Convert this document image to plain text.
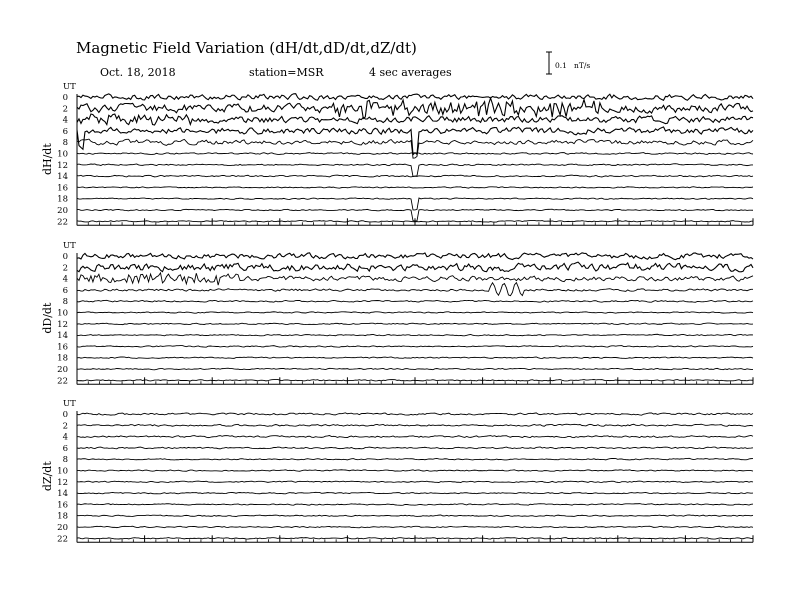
Magnetic Field Variation (dH/dt,dD/dt,dZ/dt)
Oct. 18, 2018	station=MSR	4 sec averages
0.1 nT/s
UT
dH/dt
0
2
4
6
8
10
12
14
16
18
20
22
UT
dD/dt
0
2
4
6
8
10
12
14
16
18
20
22
UT
dZ/dt
0
2
4
6
8
10
12
14
16
18
20
22
